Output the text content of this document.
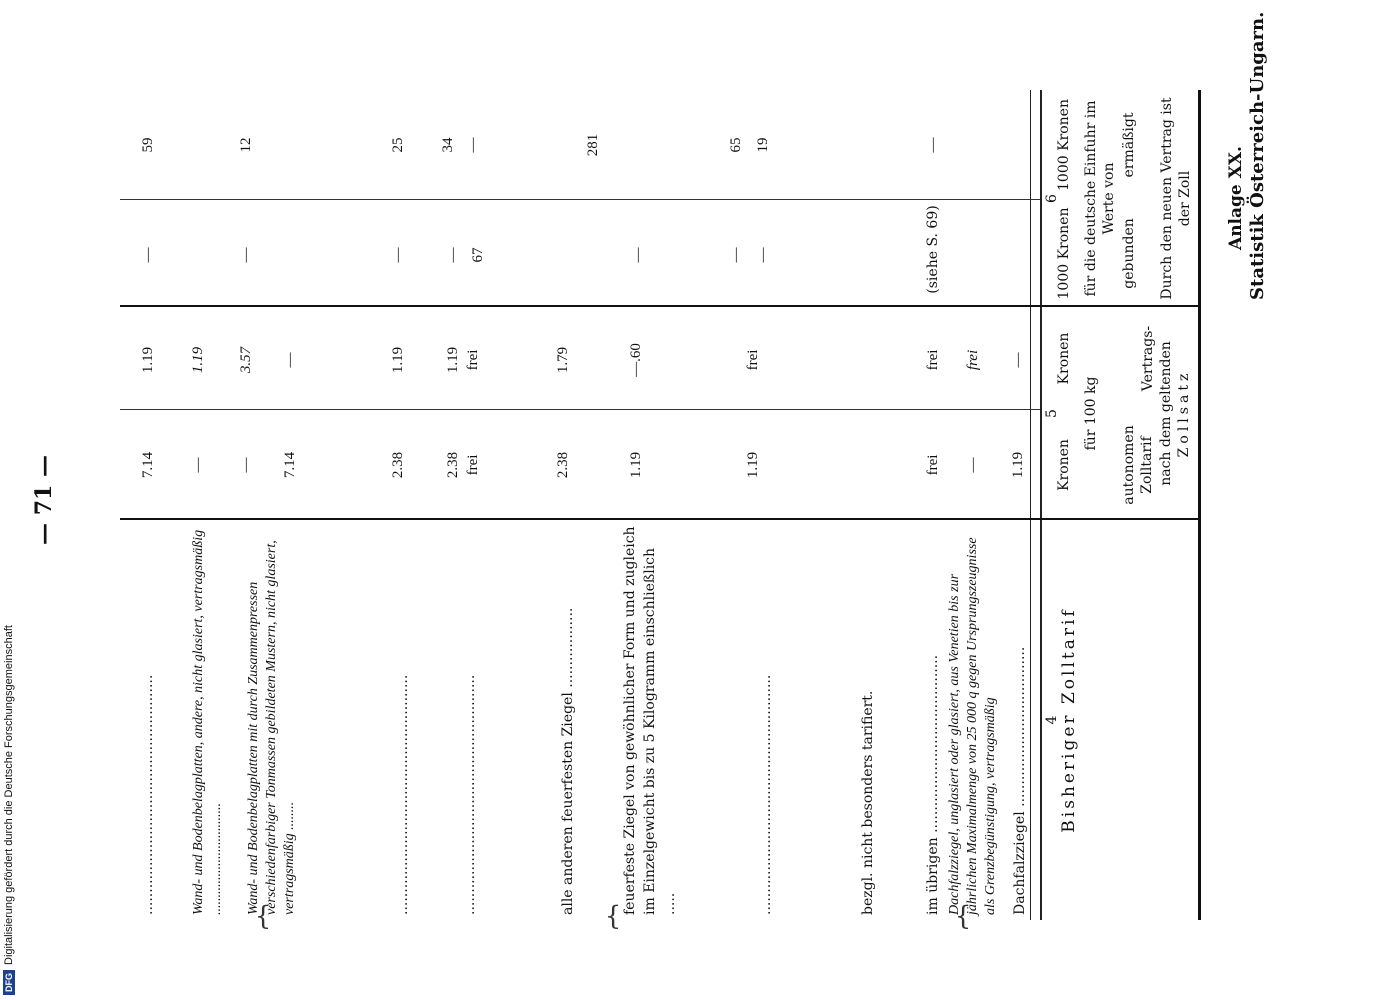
DFG
Digitalisierung gefördert durch die Deutsche Forschungsgemeinschaft
— 71 —
Anlage XX. Statistik Österreich-Ungarn.
Bisheriger Zolltarif
4
Zollsatz
nach dem geltenden
autonomen Zolltarif
Vertrags-
für 100 kg
Kronen
Kronen
5
Durch den neuen Vertrag ist der Zoll
gebunden
ermäßigt
für die deutsche Einfuhr im Werte von
1000 Kronen
1000 Kronen
6
Dachfalzziegel ....................................
1.19
—
Dachfalzziegel, unglasiert oder glasiert, aus Venetien bis zur jährlichen Maximalmenge von 25 000 q gegen Ursprungszeugnisse als Grenzbegünstigung, vertragsmäßig
—
frei
im übrigen ........................................
frei
frei
(siehe S. 69)
—
bezgl. nicht besonders tarifiert.
......................................................
1.19
frei
—
19
—
65
feuerfeste Ziegel von gewöhnlicher Form und zugleich im Einzelgewicht bis zu 5 Kilogramm einschließlich .....
1.19
—.60
—
281
alle anderen feuerfesten Ziegel ..................
2.38
1.79
......................................................
frei
frei
67
—
2.38
1.19
—
34
......................................................
2.38
1.19
—
25
Wand- und Bodenbelagplatten mit durch Zusammenpressen verschiedenfarbiger Tonmassen gebildeten Mustern, nicht glasiert, vertragsmäßig ........
7.14
—
—
3.57
—
12
Wand- und Bodenbelagplatten, andere, nicht glasiert, vertragsmäßig ................................
—
1.19
......................................................
7.14
1.19
—
59
{
{
{
